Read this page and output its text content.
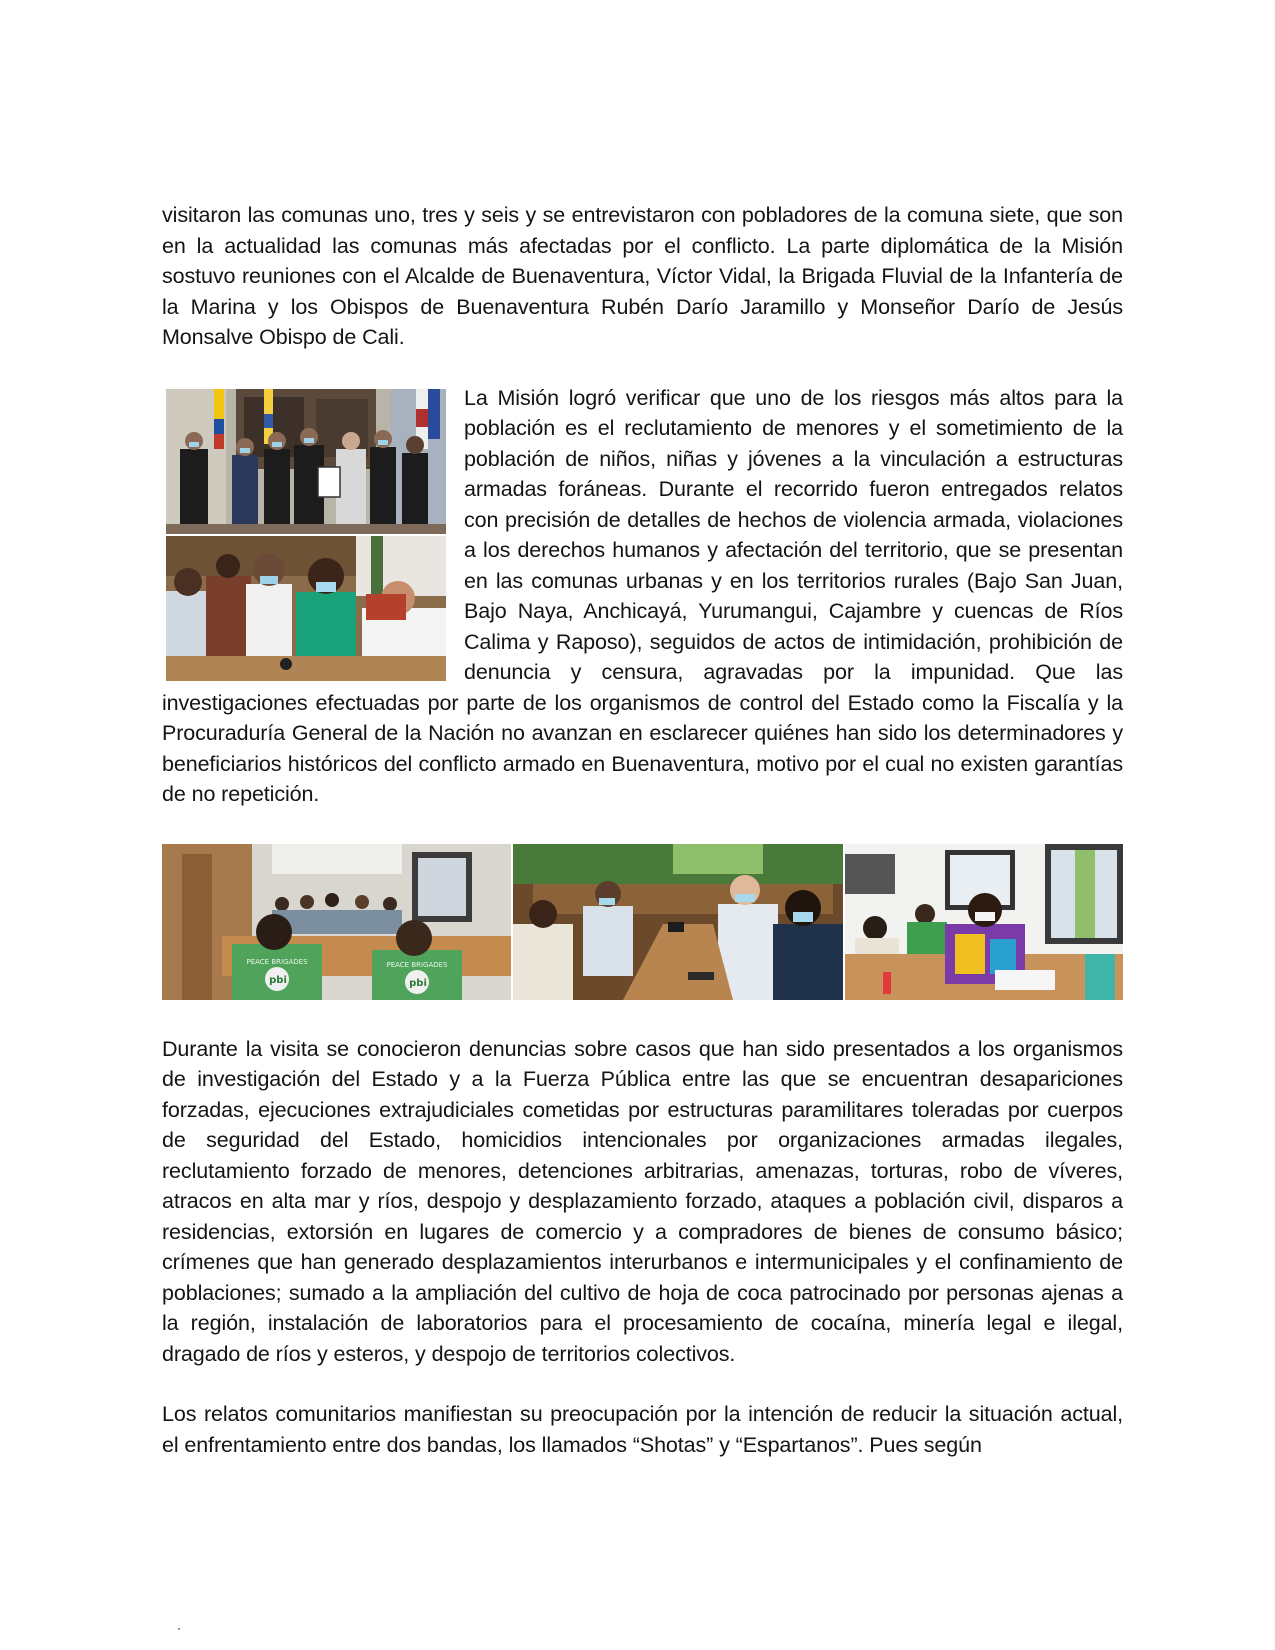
visitaron las comunas uno, tres y seis y se entrevistaron con pobladores de la comuna siete, que son en la actualidad las comunas más afectadas por el conflicto. La parte diplomática de la Misión sostuvo reuniones con el Alcalde de Buenaventura, Víctor Vidal, la Brigada Fluvial de la Infantería de la Marina y los Obispos de Buenaventura Rubén Darío Jaramillo y Monseñor Darío de Jesús Monsalve Obispo de Cali.

La Misión logró verificar que uno de los riesgos más altos para la población es el reclutamiento de menores y el sometimiento de la población de niños, niñas y jóvenes a la vinculación a estructuras armadas foráneas. Durante el recorrido fueron entregados relatos con precisión de detalles de hechos de violencia armada, violaciones a los derechos humanos y afectación del territorio, que se presentan en las comunas urbanas y en los territorios rurales (Bajo San Juan, Bajo Naya, Anchicayá, Yurumangui, Cajambre y cuencas de Ríos Calima y Raposo), seguidos de actos de intimidación, prohibición de denuncia y censura, agravadas por la impunidad. Que las investigaciones efectuadas por parte de los organismos de control del Estado como la Fiscalía y la Procuraduría General de la Nación no avanzan en esclarecer quiénes han sido los determinadores y beneficiarios históricos del conflicto armado en Buenaventura, motivo por el cual no existen garantías de no repetición.

pbi	pbi
PEACE BRIGADES	PEACE BRIGADES

Durante la visita se conocieron denuncias sobre casos que han sido presentados a los organismos de investigación del Estado y a la Fuerza Pública entre las que se encuentran desapariciones forzadas, ejecuciones extrajudiciales cometidas por estructuras paramilitares toleradas por cuerpos de seguridad del Estado, homicidios intencionales por organizaciones armadas ilegales, reclutamiento forzado de menores, detenciones arbitrarias, amenazas, torturas, robo de víveres, atracos en alta mar y ríos, despojo y desplazamiento forzado, ataques a población civil, disparos a residencias, extorsión en lugares de comercio y a compradores de bienes de consumo básico; crímenes que han generado desplazamientos interurbanos e intermunicipales y el confinamiento de poblaciones; sumado a la ampliación del cultivo de hoja de coca patrocinado por personas ajenas a la región, instalación de laboratorios para el procesamiento de cocaína, minería legal e ilegal, dragado de ríos y esteros, y despojo de territorios colectivos.

Los relatos comunitarios manifiestan su preocupación por la intención de reducir la situación actual, el enfrentamiento entre dos bandas, los llamados “Shotas” y “Espartanos”. Pues según
